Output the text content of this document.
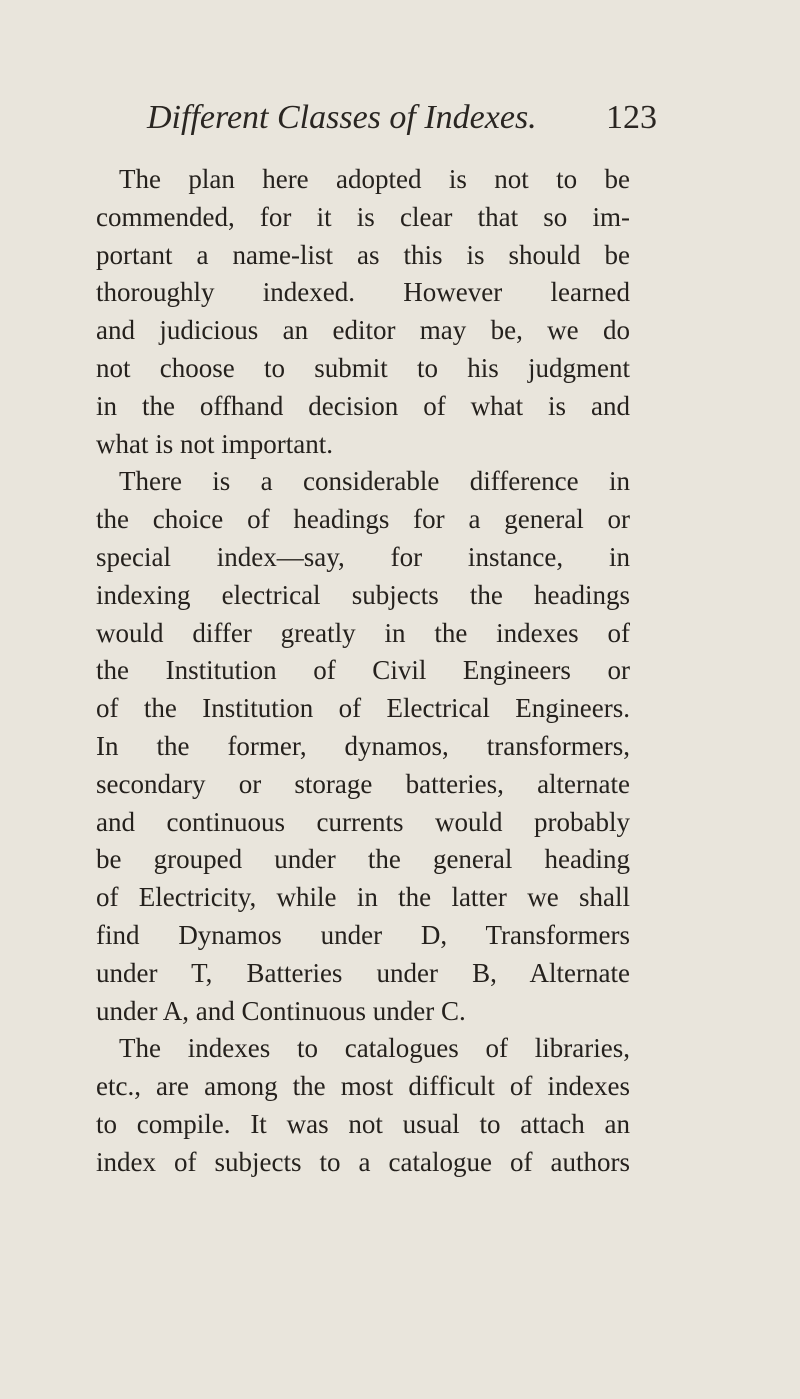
Different Classes of Indexes. 123
The plan here adopted is not to be
commended, for it is clear that so im-
portant a name-list as this is should be
thoroughly indexed. However learned
and judicious an editor may be, we do
not choose to submit to his judgment
in the offhand decision of what is and
what is not important.
There is a considerable difference in
the choice of headings for a general or
special index—say, for instance, in
indexing electrical subjects the headings
would differ greatly in the indexes of
the Institution of Civil Engineers or
of the Institution of Electrical Engineers.
In the former, dynamos, transformers,
secondary or storage batteries, alternate
and continuous currents would probably
be grouped under the general heading
of Electricity, while in the latter we shall
find Dynamos under D, Transformers
under T, Batteries under B, Alternate
under A, and Continuous under C.
The indexes to catalogues of libraries,
etc., are among the most difficult of indexes
to compile. It was not usual to attach an
index of subjects to a catalogue of authors
